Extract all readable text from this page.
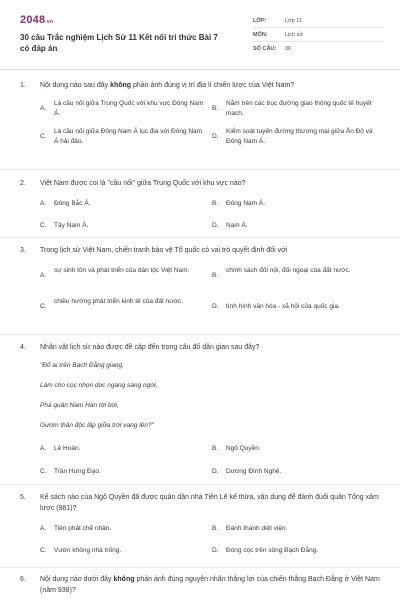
2048.vn
30 câu Trắc nghiệm Lịch Sử 11 Kết nối tri thức Bài 7 có đáp án
LỚP:	Lớp 11
MÔN:	Lịch sử
SỐ CÂU:	30
1. Nội dung nào sau đây không phản ánh đúng vị trí địa lí chiến lược của Việt Nam?
A.
Là cầu nối giữa Trung Quốc với khu vực Đông Nam Á.
B.
Nằm trên các trục đường giao thông quốc tế huyết mạch.
C.
Là cầu nối giữa Đông Nam Á lục địa với Đông Nam Á hải đảo.
D.
Kiểm soát tuyến đường thương mại giữa Ấn Độ và Đông Nam Á.
2. Việt Nam được coi là "cầu nối" giữa Trung Quốc với khu vực nào?
A. Đông Bắc Á.	B. Đông Nam Á.
C. Tây Nam Á.	D. Nam Á.
3. Trong lịch sử Việt Nam, chiến tranh bảo vệ Tổ quốc có vai trò quyết định đối với
A.
sự sinh tồn và phát triển của dân tộc Việt Nam.
B.
chính sách đối nội, đối ngoại của đất nước.
C.
chiều hướng phát triển kinh tế của đất nước.
D. tình hình văn hóa - xã hội của quốc gia.
4. Nhân vật lịch sử nào được đề cập đến trong câu đố dân gian sau đây?
"Đố ai trên Bạch Đằng giang,
Làm cho cọc nhọn dọc ngang sáng ngời,
Phá quân Nam Hán tơi bời,
Gươm thần độc lập giữa trời vang lên?"
A. Lê Hoàn.	B. Ngô Quyền.
C. Trần Hưng Đạo.	D. Dương Đình Nghệ.
5. Kế sách nào của Ngô Quyền đã được quân dân nhà Tiền Lê kế thừa, vận dụng để đánh đuổi quân Tống xâm lược (981)?
A. Tiên phát chế nhân.	B. Đánh thành diệt viện.
C. Vườn không nhà trống.	D. Đóng cọc trên sông Bạch Đằng.
6. Nội dung nào dưới đây không phản ánh đúng nguyên nhân thắng lợi của chiến thắng Bạch Đằng ở Việt Nam (năm 938)?
